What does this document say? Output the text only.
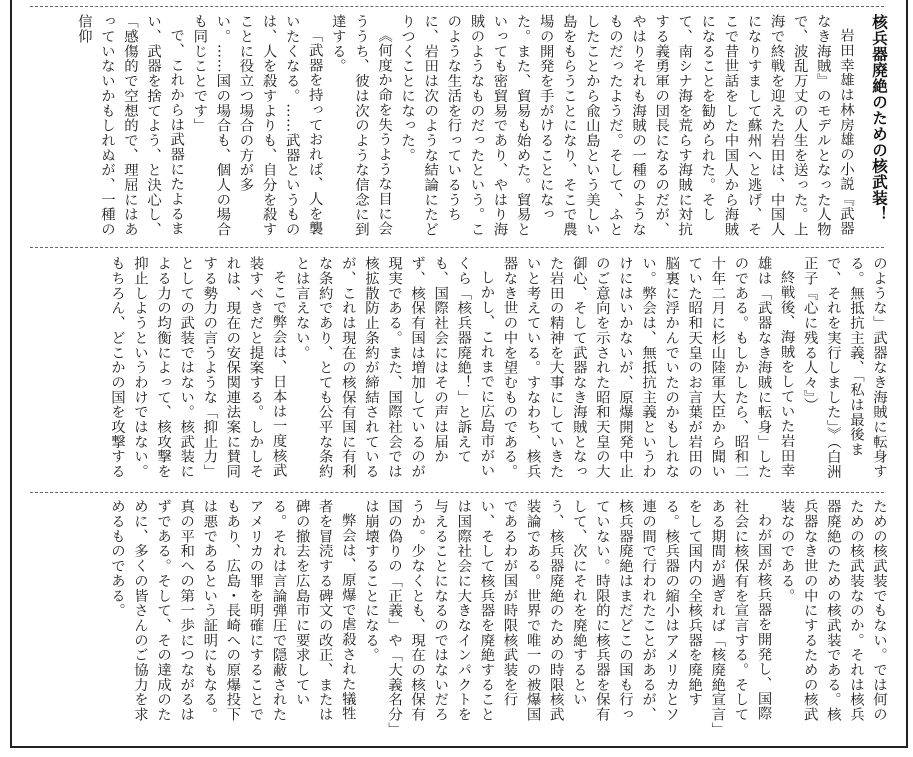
核兵器廃絶のための核武装！

岩田幸雄は林房雄の小説『武器なき海賊』のモデルとなった人物で、波乱万丈の人生を送った。上海で終戦を迎えた岩田は、中国人になりすまして蘇州へと逃げ、そこで昔世話をした中国人から海賊になることを勧められた。そして、南シナ海を荒らす海賊に対抗する義勇軍の団長になるのだが、やはりそれも海賊の一種のようなものだったようだ。そして、ふとしたことから兪山島という美しい島をもらうことになり、そこで農場の開発を手がけることになった。また、貿易も始めた。貿易といっても密貿易であり、やはり海賊のようなものだったという。このような生活を行っているうちに、岩田は次のような結論にたどりつくことになった。

《何度か命を失うような目に会ううち、彼は次のような信念に到達する。

「武器を持っておれば、人を襲いたくなる。……武器というものは、人を殺すよりも、自分を殺すことに役立つ場合の方が多い。……国の場合も、個人の場合も同じことです」

で、これからは武器にたよるまい、武器を捨てよう、と決心し、「感傷的で空想的で、理屈にはあっていないかもしれぬが、一種の信仰

のような」武器なき海賊に転身する。無抵抗主義、「私は最後まで、それを実行しました」》（白洲正子『心に残る人々』）

終戦後、海賊をしていた岩田幸雄は「武器なき海賊に転身」したのである。もしかしたら、昭和二十年二月に杉山陸軍大臣から聞いていた昭和天皇のお言葉が岩田の脳裏に浮かんでいたのかもしれない。弊会は、無抵抗主義というわけにはいかないが、原爆開発中止のご意向を示された昭和天皇の大御心、そして武器なき海賊となった岩田の精神を大事にしていきたいと考えている。すなわち、核兵器なき世の中を望むものである。

しかし、これまでに広島市がいくら「核兵器廃絶！」と訴えても、国際社会にはその声は届かず、核保有国は増加しているのが現実である。また、国際社会では核拡散防止条約が締結されているが、これは現在の核保有国に有利な条約であり、とても公平な条約とは言えない。

そこで弊会は、日本は一度核武装すべきだと提案する。しかしそれは、現在の安保関連法案に賛同する勢力の言うような「抑止力」としての武装ではない。核武装による力の均衡によって、核攻撃を抑止しようというわけではない。もちろん、どこかの国を攻撃する

ための核武装でもない。では何のための核武装なのか。それは核兵器廃絶のための核武装である。核兵器なき世の中にするための核武装なのである。

わが国が核兵器を開発し、国際社会に核保有を宣言する。そしてある期間が過ぎれば「核廃絶宣言」をして国内の全核兵器を廃絶する。核兵器の縮小はアメリカとソ連の間で行われたことがあるが、核兵器廃絶はまだどこの国も行っていない。時限的に核兵器を保有して、次にそれを廃絶するという、核兵器廃絶のための時限核武装論である。世界で唯一の被爆国であるわが国が時限核武装を行い、そして核兵器を廃絶することは国際社会に大きなインパクトを与えることになるのではないだろうか。少なくとも、現在の核保有国の偽りの「正義」や「大義名分」は崩壊することになる。

弊会は、原爆で虐殺された犠牲者を冒涜する碑文の改正、または碑の撤去を広島市に要求している。それは言論弾圧で隠蔽されたアメリカの罪を明確にすることでもあり、広島・長崎への原爆投下は悪であるという証明にもなる。真の平和への第一歩につながるはずである。そして、その達成のために、多くの皆さんのご協力を求めるものである。
